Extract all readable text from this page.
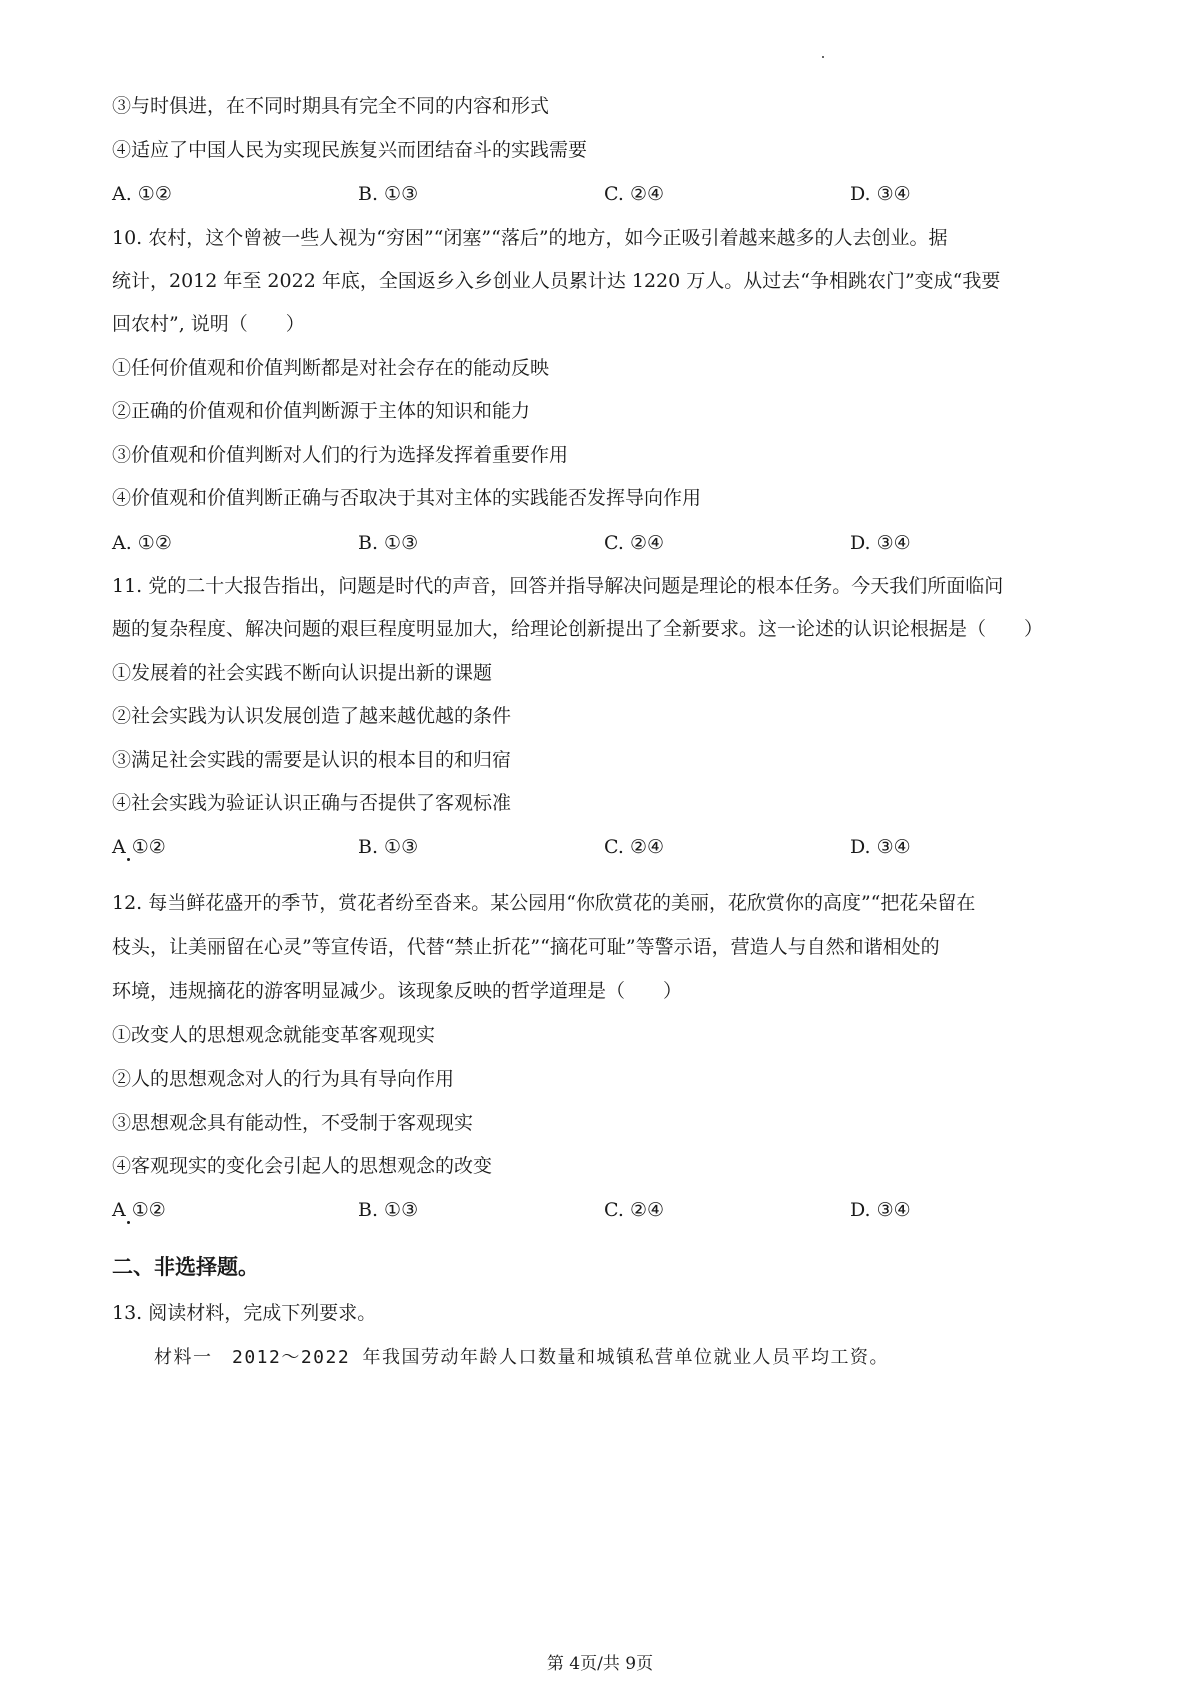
③与时俱进，在不同时期具有完全不同的内容和形式
④适应了中国人民为实现民族复兴而团结奋斗的实践需要
A. ①②	B. ①③	C. ②④	D. ③④
10. 农村，这个曾被一些人视为“穷困”“闭塞”“落后”的地方，如今正吸引着越来越多的人去创业。据
统计，2012 年至 2022 年底，全国返乡入乡创业人员累计达 1220 万人。从过去“争相跳农门”变成“我要
回农村”, 说明（　　）
①任何价值观和价值判断都是对社会存在的能动反映
②正确的价值观和价值判断源于主体的知识和能力
③价值观和价值判断对人们的行为选择发挥着重要作用
④价值观和价值判断正确与否取决于其对主体的实践能否发挥导向作用
A. ①②	B. ①③	C. ②④	D. ③④
11. 党的二十大报告指出，问题是时代的声音，回答并指导解决问题是理论的根本任务。今天我们所面临问
题的复杂程度、解决问题的艰巨程度明显加大，给理论创新提出了全新要求。这一论述的认识论根据是（　　）
①发展着的社会实践不断向认识提出新的课题
②社会实践为认识发展创造了越来越优越的条件
③满足社会实践的需要是认识的根本目的和归宿
④社会实践为验证认识正确与否提供了客观标准
A ①②	B. ①③	C. ②④	D. ③④
12. 每当鲜花盛开的季节，赏花者纷至沓来。某公园用“你欣赏花的美丽，花欣赏你的高度”“把花朵留在
枝头，让美丽留在心灵”等宣传语，代替“禁止折花”“摘花可耻”等警示语，营造人与自然和谐相处的
环境，违规摘花的游客明显减少。该现象反映的哲学道理是（　　）
①改变人的思想观念就能变革客观现实
②人的思想观念对人的行为具有导向作用
③思想观念具有能动性，不受制于客观现实
④客观现实的变化会引起人的思想观念的改变
A ①②	B. ①③	C. ②④	D. ③④
二、非选择题。
13. 阅读材料，完成下列要求。
材料一　2012～2022 年我国劳动年龄人口数量和城镇私营单位就业人员平均工资。
第 4页/共 9页
